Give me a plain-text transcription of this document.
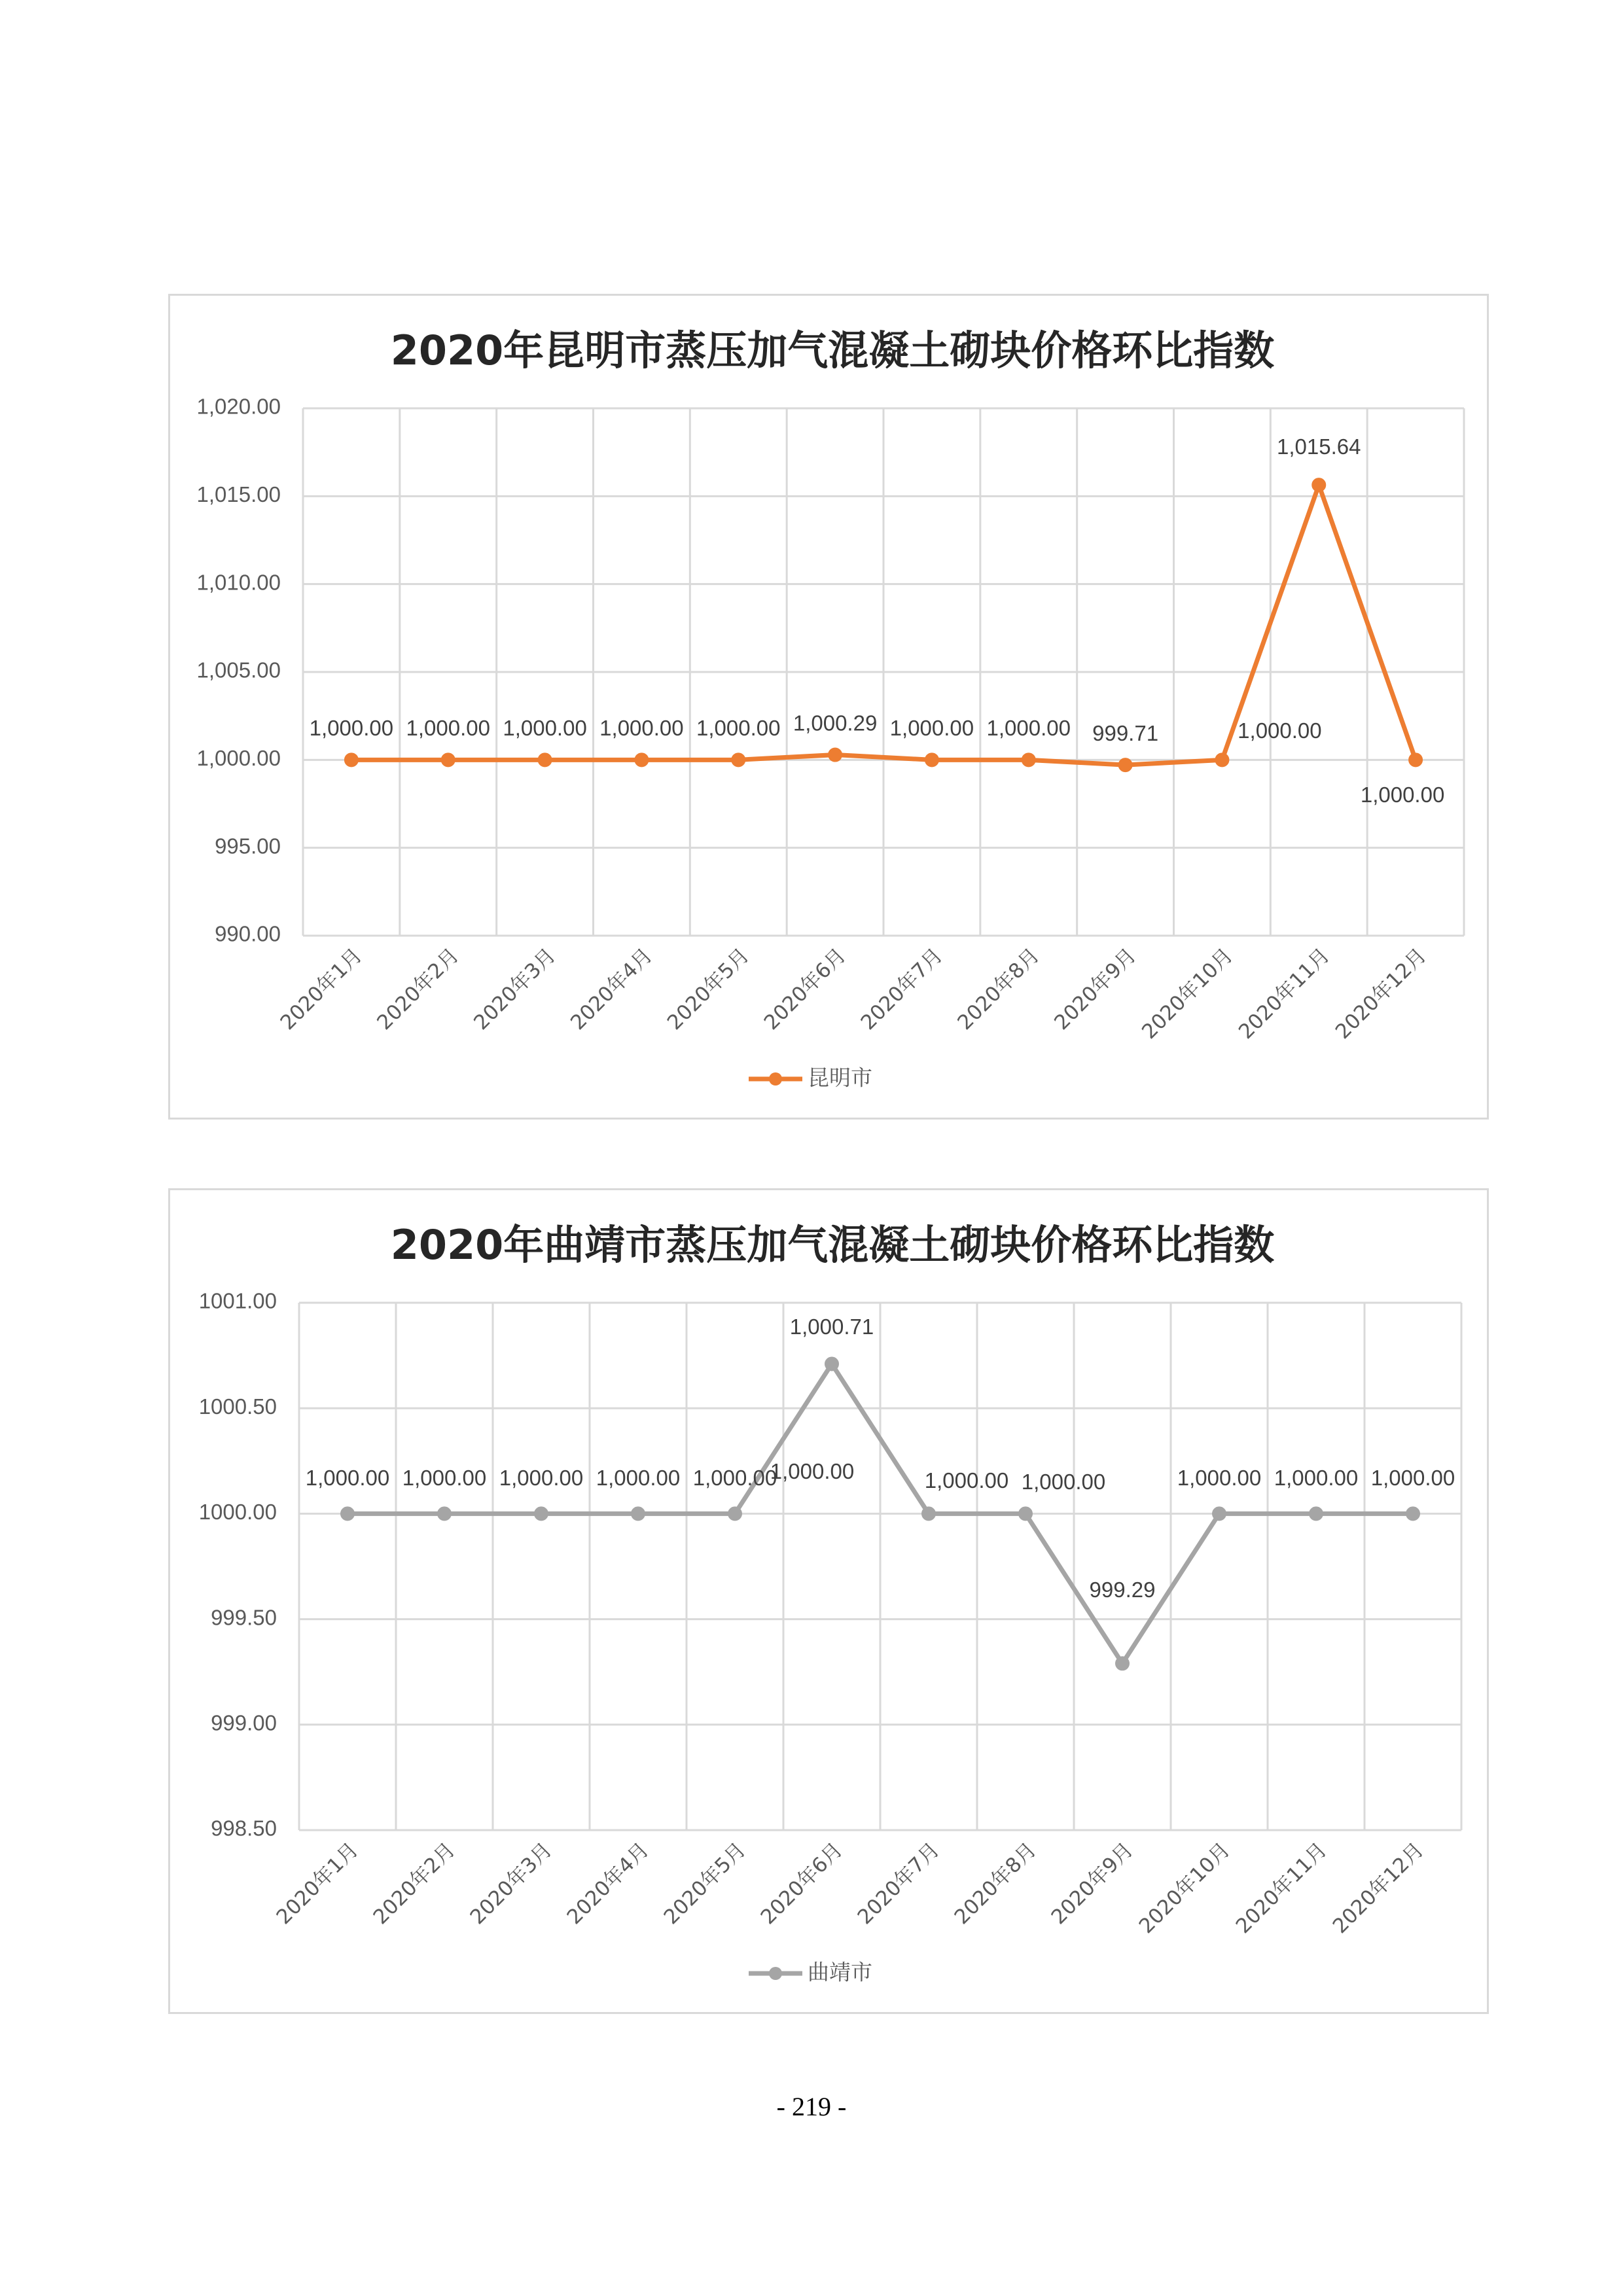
2020年昆明市蒸压加气混凝土砌块价格环比指数
990.00
995.00
1,000.00
1,005.00
1,010.00
1,015.00
1,020.00
2020年1月 2020年2月 2020年3月 2020年4月 2020年5月 2020年6月 2020年7月 2020年8月 2020年9月
2020年10月
2020年11月
2020年12月
1,000.00 1,000.00 1,000.00 1,000.00 1,000.00 1,000.29 1,000.00 1,000.00 999.71	1,000.00
1,015.64
1,000.00
昆明市
2020年曲靖市蒸压加气混凝土砌块价格环比指数
998.50
999.00
999.50
1000.00
1000.50
1001.00
2020年1月 2020年2月 2020年3月 2020年4月 2020年5月 2020年6月 2020年7月 2020年8月 2020年9月
2020年10月
2020年11月
2020年12月
1,000.00 1,000.00 1,000.00 1,000.00
1,000.71
1,000.00 1,000.00
999.29
1,000.00 1,000.00 1,000.00
1,000.00
1,000.00
曲靖市
- 219 -
